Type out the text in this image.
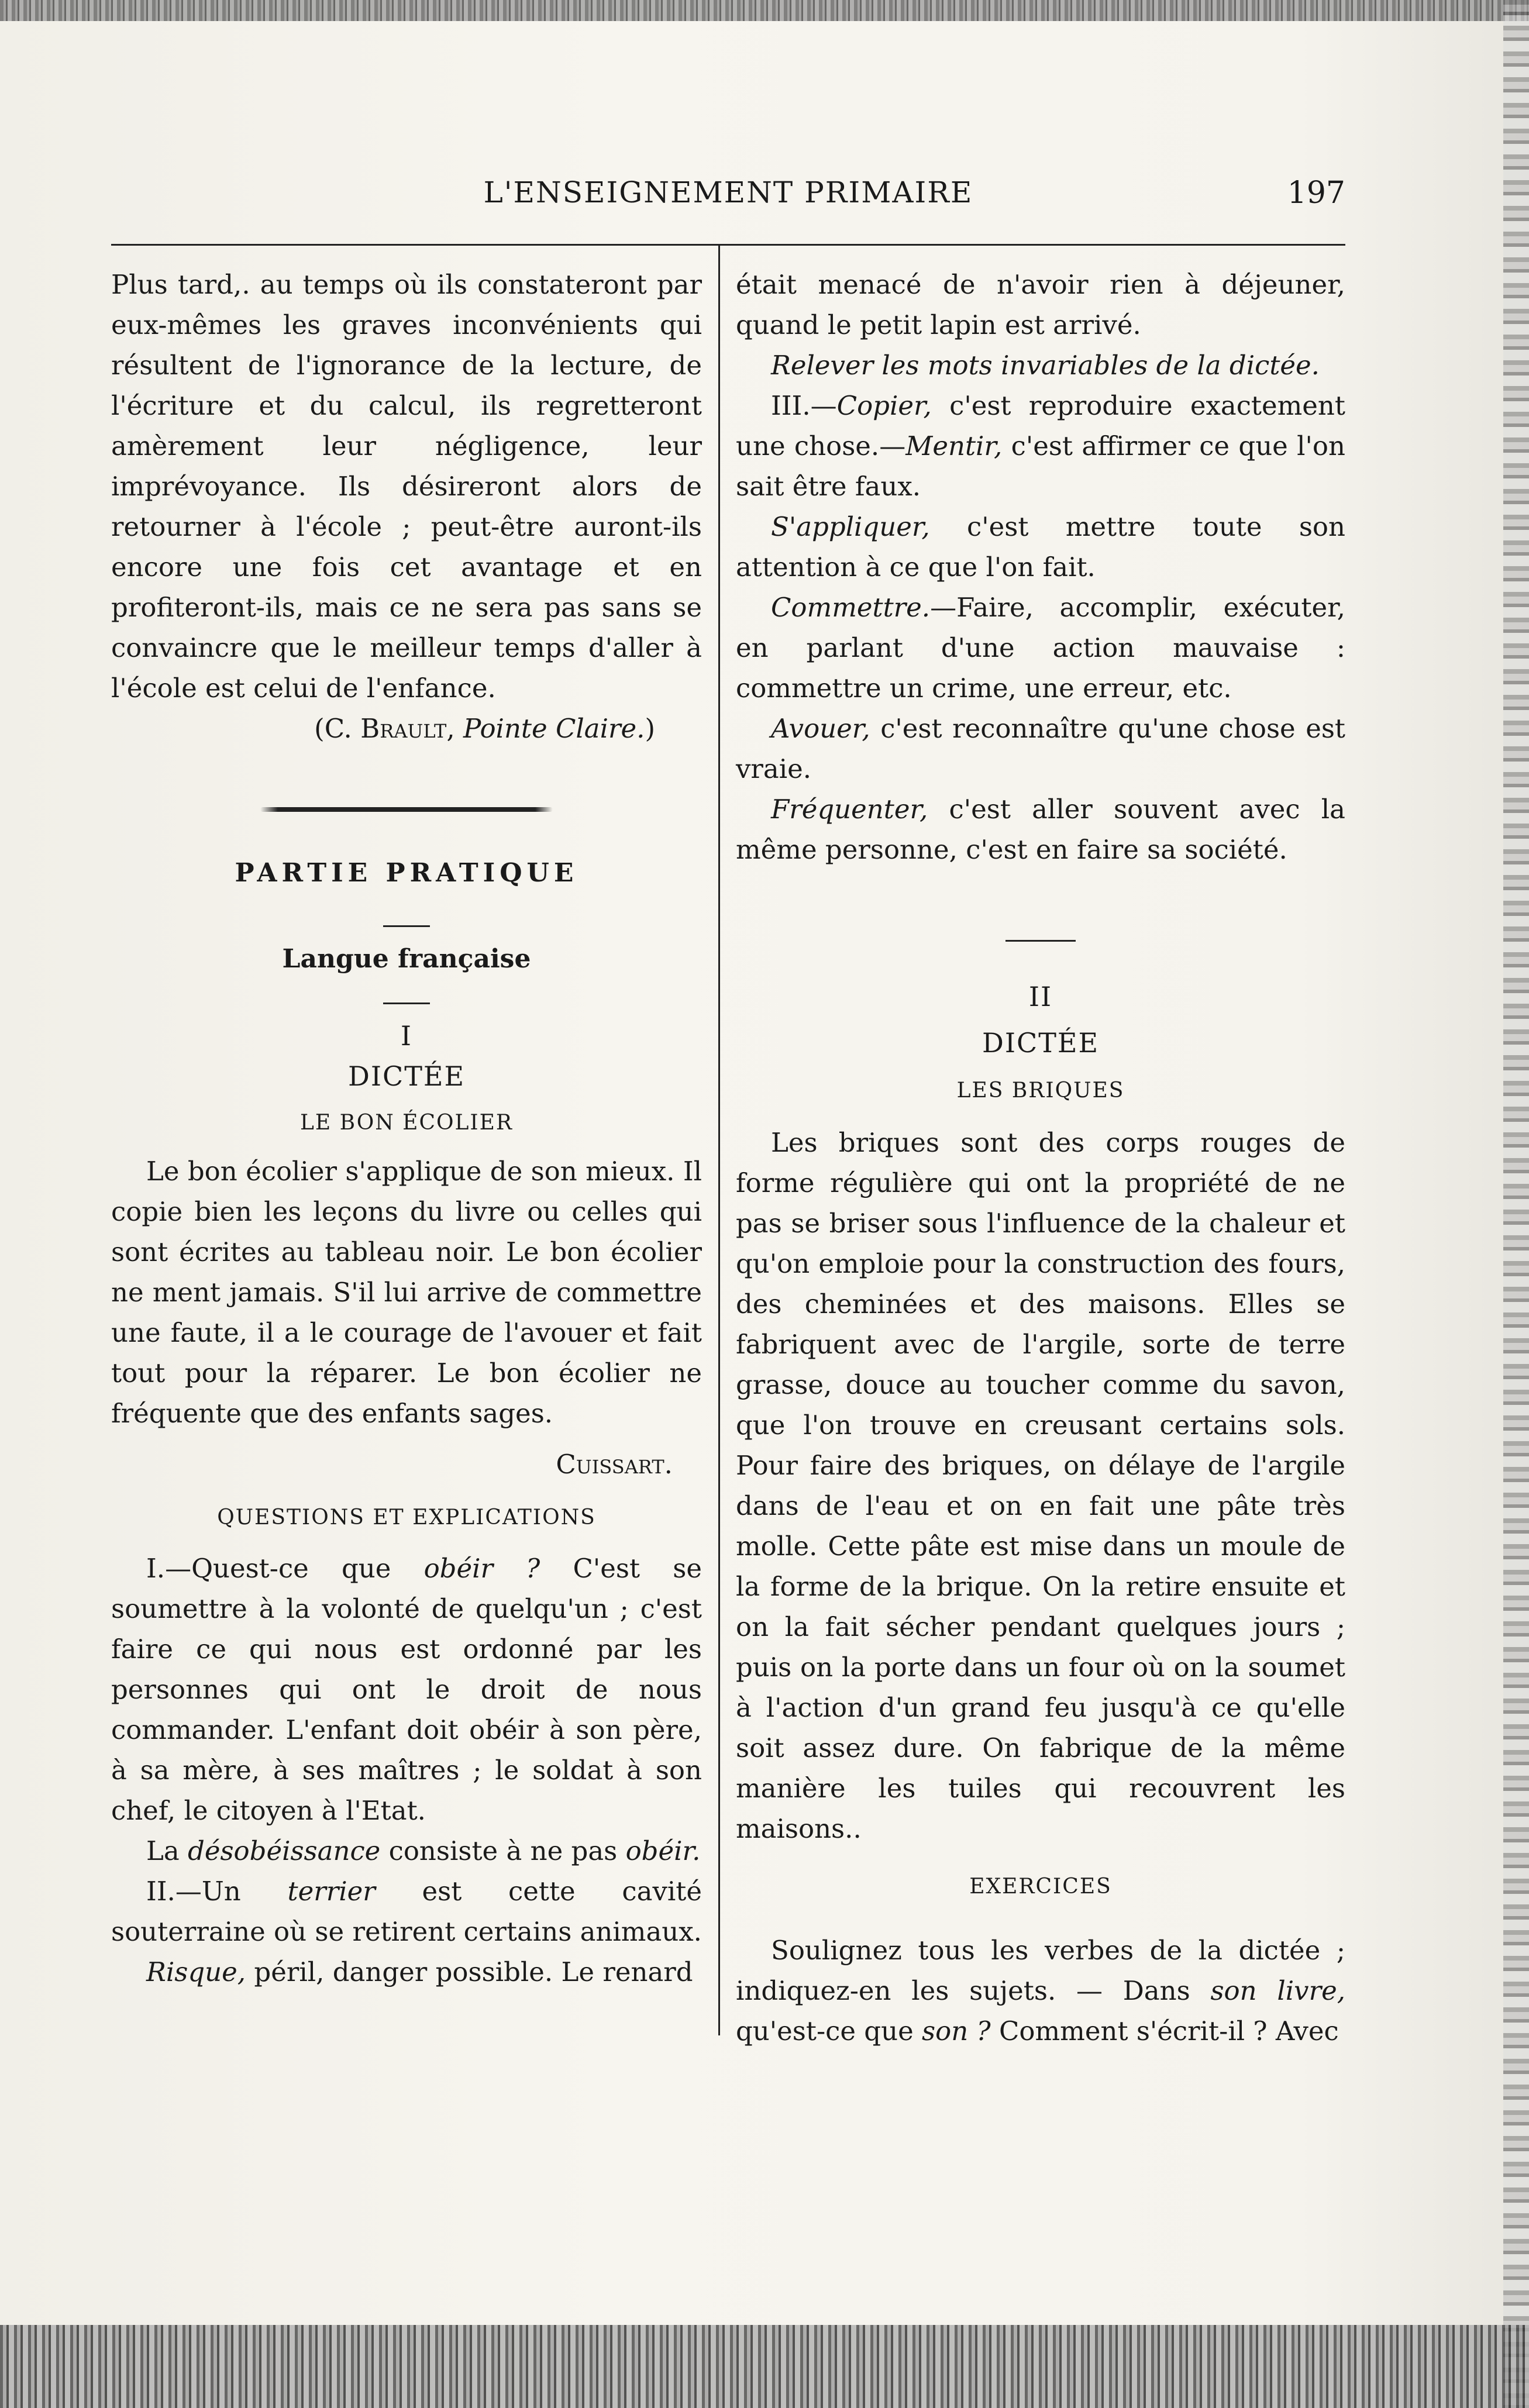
L'ENSEIGNEMENT PRIMAIRE	197

Plus tard,. au temps où ils constateront par eux-mêmes les graves inconvénients qui résultent de l'ignorance de la lecture, de l'écriture et du calcul, ils regretteront amèrement leur négligence, leur imprévoyance. Ils désireront alors de retourner à l'école ; peut-être auront-ils encore une fois cet avantage et en profiteront-ils, mais ce ne sera pas sans se convaincre que le meilleur temps d'aller à l'école est celui de l'enfance.

(C. Brault, Pointe Claire.)

PARTIE PRATIQUE

Langue française

I

DICTÉE

LE BON ÉCOLIER

Le bon écolier s'applique de son mieux. Il copie bien les leçons du livre ou celles qui sont écrites au tableau noir. Le bon écolier ne ment jamais. S'il lui arrive de commettre une faute, il a le courage de l'avouer et fait tout pour la réparer. Le bon écolier ne fréquente que des enfants sages.

Cuissart.

QUESTIONS ET EXPLICATIONS

I.—Quest-ce que obéir ? C'est se soumettre à la volonté de quelqu'un ; c'est faire ce qui nous est ordonné par les personnes qui ont le droit de nous commander. L'enfant doit obéir à son père, à sa mère, à ses maîtres ; le soldat à son chef, le citoyen à l'Etat.

La désobéissance consiste à ne pas obéir.

II.—Un terrier est cette cavité souterraine où se retirent certains animaux.

Risque, péril, danger possible. Le renard

était menacé de n'avoir rien à déjeuner, quand le petit lapin est arrivé.

Relever les mots invariables de la dictée.

III.—Copier, c'est reproduire exactement une chose.—Mentir, c'est affirmer ce que l'on sait être faux.

S'appliquer, c'est mettre toute son attention à ce que l'on fait.

Commettre.—Faire, accomplir, exécuter, en parlant d'une action mauvaise : commettre un crime, une erreur, etc.

Avouer, c'est reconnaître qu'une chose est vraie.

Fréquenter, c'est aller souvent avec la même personne, c'est en faire sa société.

II

DICTÉE

LES BRIQUES

Les briques sont des corps rouges de forme régulière qui ont la propriété de ne pas se briser sous l'influence de la chaleur et qu'on emploie pour la construction des fours, des cheminées et des maisons. Elles se fabriquent avec de l'argile, sorte de terre grasse, douce au toucher comme du savon, que l'on trouve en creusant certains sols. Pour faire des briques, on délaye de l'argile dans de l'eau et on en fait une pâte très molle. Cette pâte est mise dans un moule de la forme de la brique. On la retire ensuite et on la fait sécher pendant quelques jours ; puis on la porte dans un four où on la soumet à l'action d'un grand feu jusqu'à ce qu'elle soit assez dure. On fabrique de la même manière les tuiles qui recouvrent les maisons..

EXERCICES

Soulignez tous les verbes de la dictée ; indiquez-en les sujets. — Dans son livre, qu'est-ce que son ? Comment s'écrit-il ? Avec
